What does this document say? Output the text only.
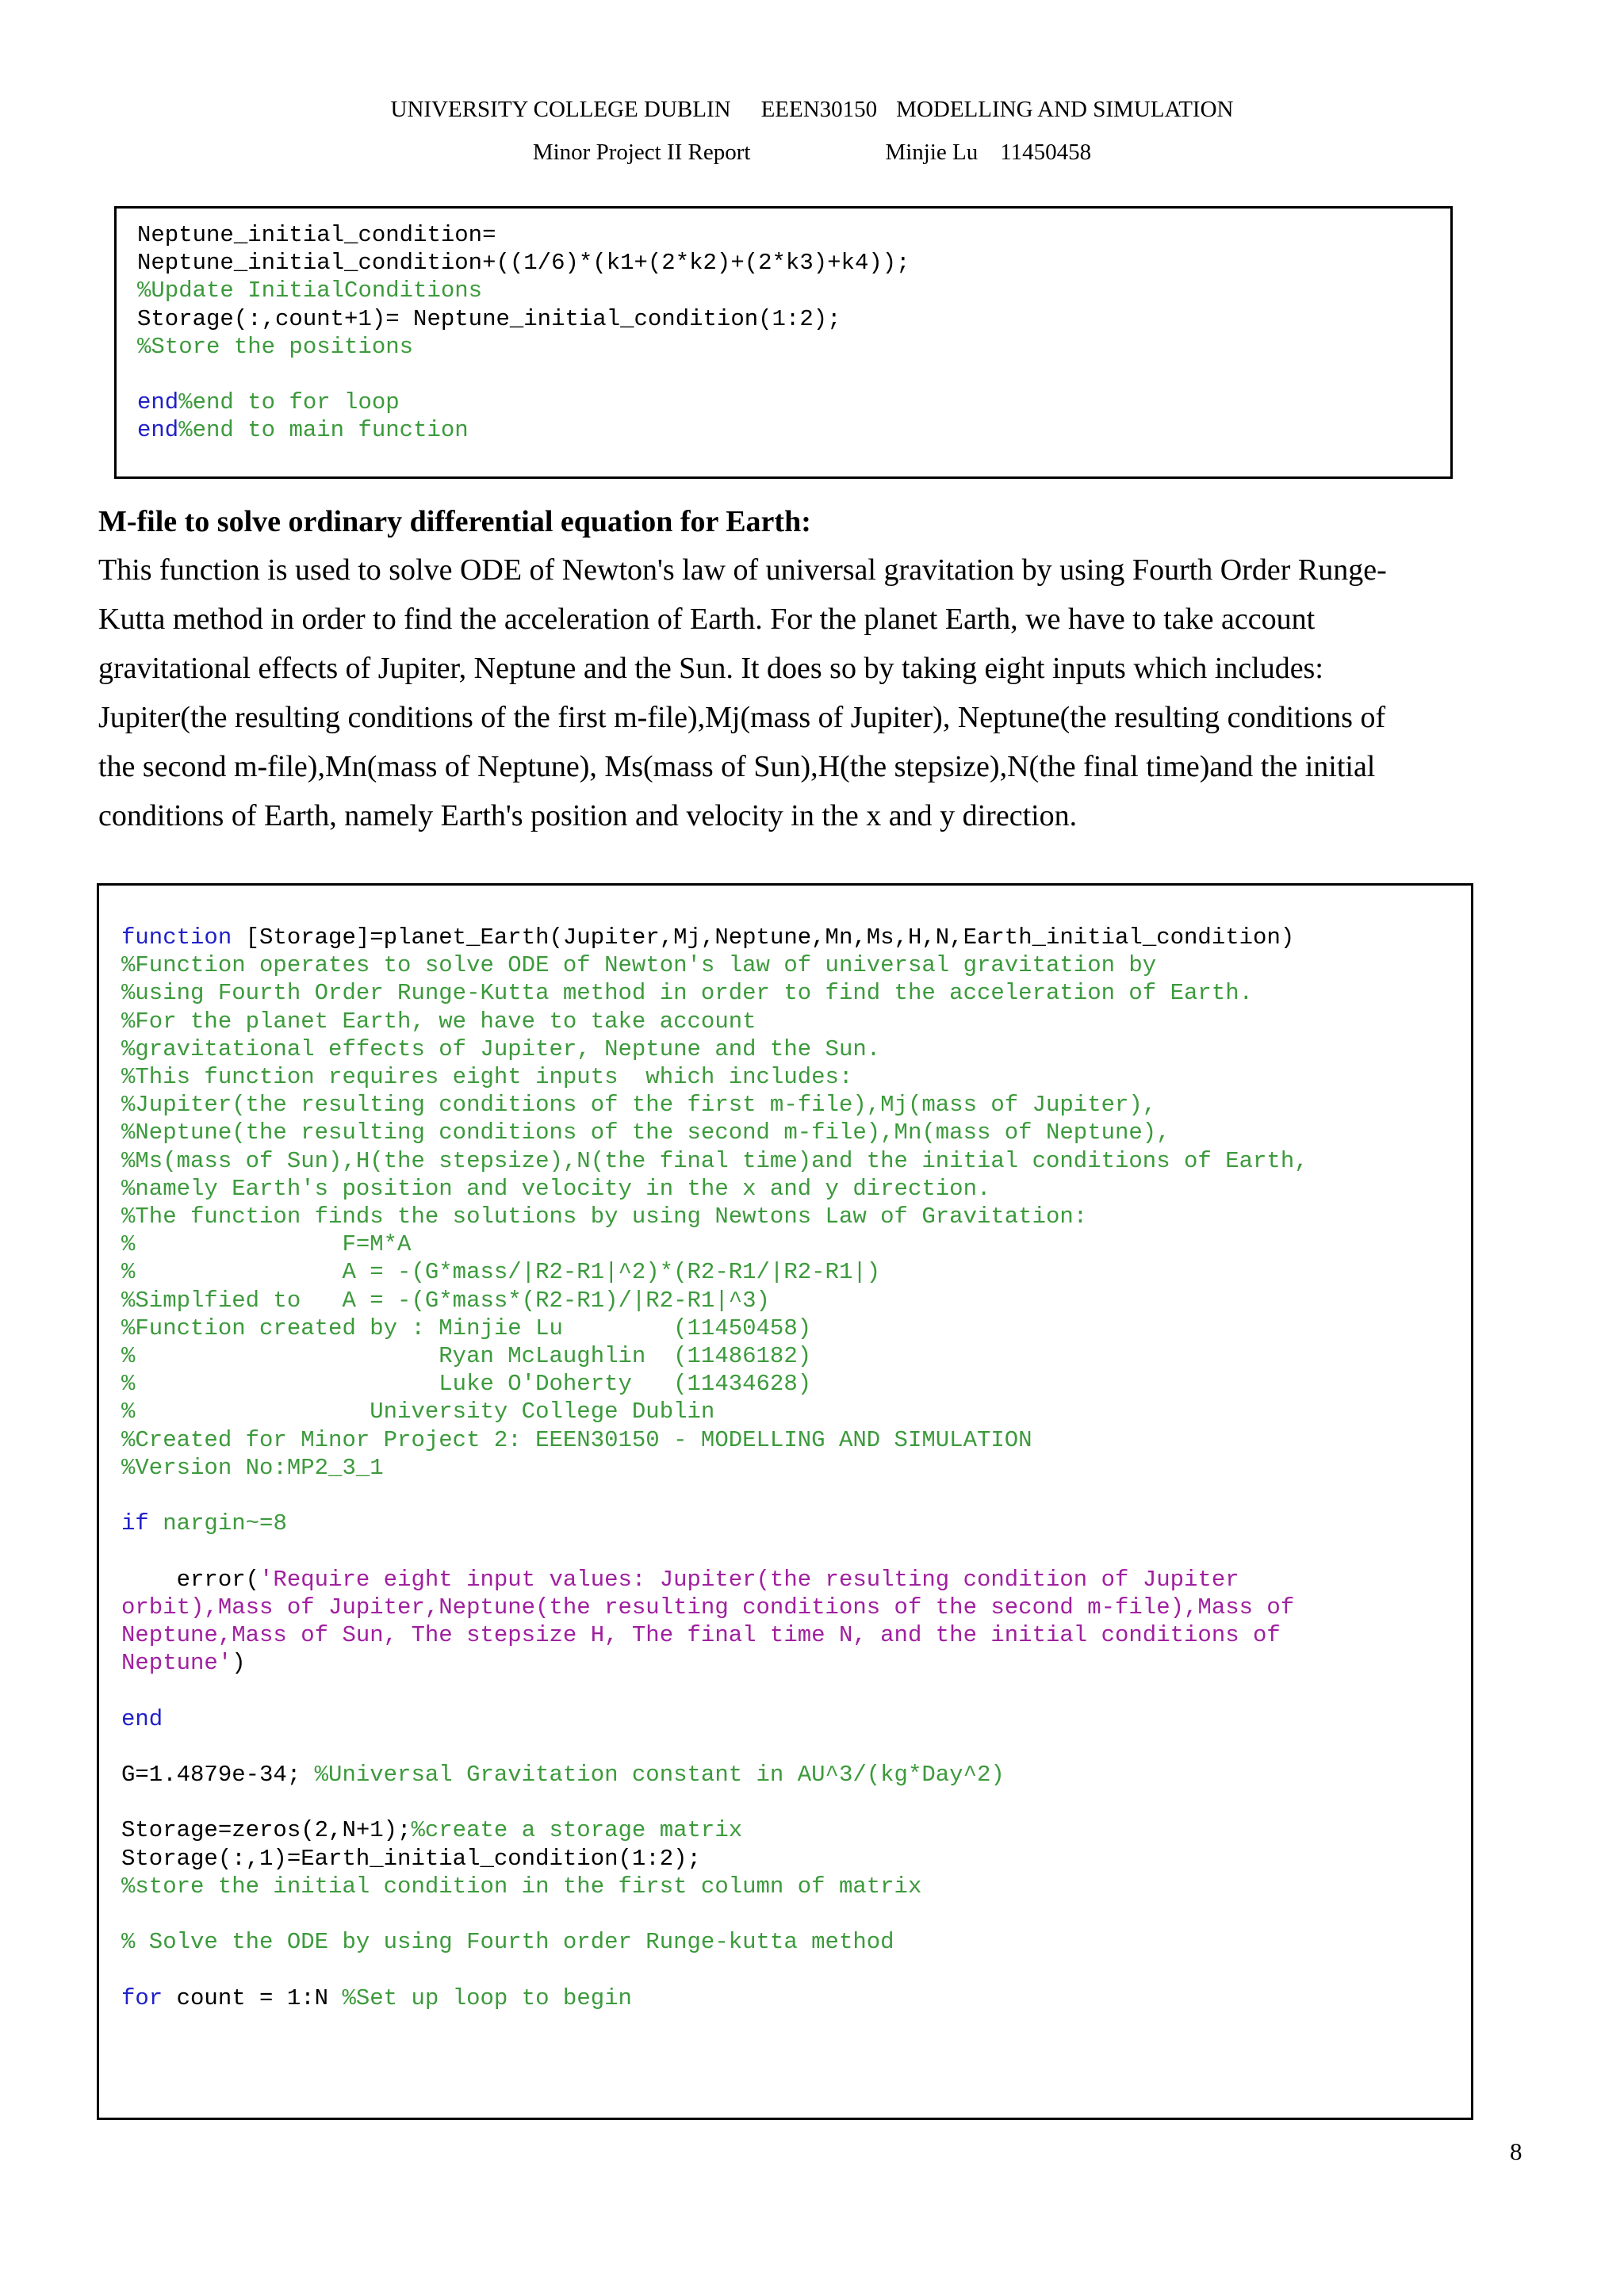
UNIVERSITY COLLEGE DUBLIN EEEN30150 MODELLING AND SIMULATION
Minor Project II Report	Minjie Lu 11450458
Neptune_initial_condition=
Neptune_initial_condition+((1/6)*(k1+(2*k2)+(2*k3)+k4));
%Update InitialConditions
Storage(:,count+1)= Neptune_initial_condition(1:2);
%Store the positions
end%end to for loop
end%end to main function
M-file to solve ordinary differential equation for Earth:

This function is used to solve ODE of Newton's law of universal gravitation by using Fourth Order Runge-
Kutta method in order to find the acceleration of Earth. For the planet Earth, we have to take account
gravitational effects of Jupiter, Neptune and the Sun. It does so by taking eight inputs which includes:
Jupiter(the resulting conditions of the first m-file),Mj(mass of Jupiter), Neptune(the resulting conditions of
the second m-file),Mn(mass of Neptune), Ms(mass of Sun),H(the stepsize),N(the final time)and the initial
conditions of Earth, namely Earth's position and velocity in the x and y direction.

function [Storage]=planet_Earth(Jupiter,Mj,Neptune,Mn,Ms,H,N,Earth_initial_condition)
%Function operates to solve ODE of Newton's law of universal gravitation by
%using Fourth Order Runge-Kutta method in order to find the acceleration of Earth.
%For the planet Earth, we have to take account
%gravitational effects of Jupiter, Neptune and the Sun.
%This function requires eight inputs  which includes:
%Jupiter(the resulting conditions of the first m-file),Mj(mass of Jupiter),
%Neptune(the resulting conditions of the second m-file),Mn(mass of Neptune),
%Ms(mass of Sun),H(the stepsize),N(the final time)and the initial conditions of Earth,
%namely Earth's position and velocity in the x and y direction.
%The function finds the solutions by using Newtons Law of Gravitation:
%               F=M*A
%               A = -(G*mass/|R2-R1|^2)*(R2-R1/|R2-R1|)
%Simplfied to   A = -(G*mass*(R2-R1)/|R2-R1|^3)
%Function created by : Minjie Lu        (11450458)
%                      Ryan McLaughlin  (11486182)
%                      Luke O'Doherty   (11434628)
%                 University College Dublin
%Created for Minor Project 2: EEEN30150 - MODELLING AND SIMULATION
%Version No:MP2_3_1
if nargin~=8
error('Require eight input values: Jupiter(the resulting condition of Jupiter
orbit),Mass of Jupiter,Neptune(the resulting conditions of the second m-file),Mass of
Neptune,Mass of Sun, The stepsize H, The final time N, and the initial conditions of
Neptune')
end
G=1.4879e-34; %Universal Gravitation constant in AU^3/(kg*Day^2)
Storage=zeros(2,N+1);%create a storage matrix
Storage(:,1)=Earth_initial_condition(1:2);
%store the initial condition in the first column of matrix
% Solve the ODE by using Fourth order Runge-kutta method
for count = 1:N %Set up loop to begin
8
